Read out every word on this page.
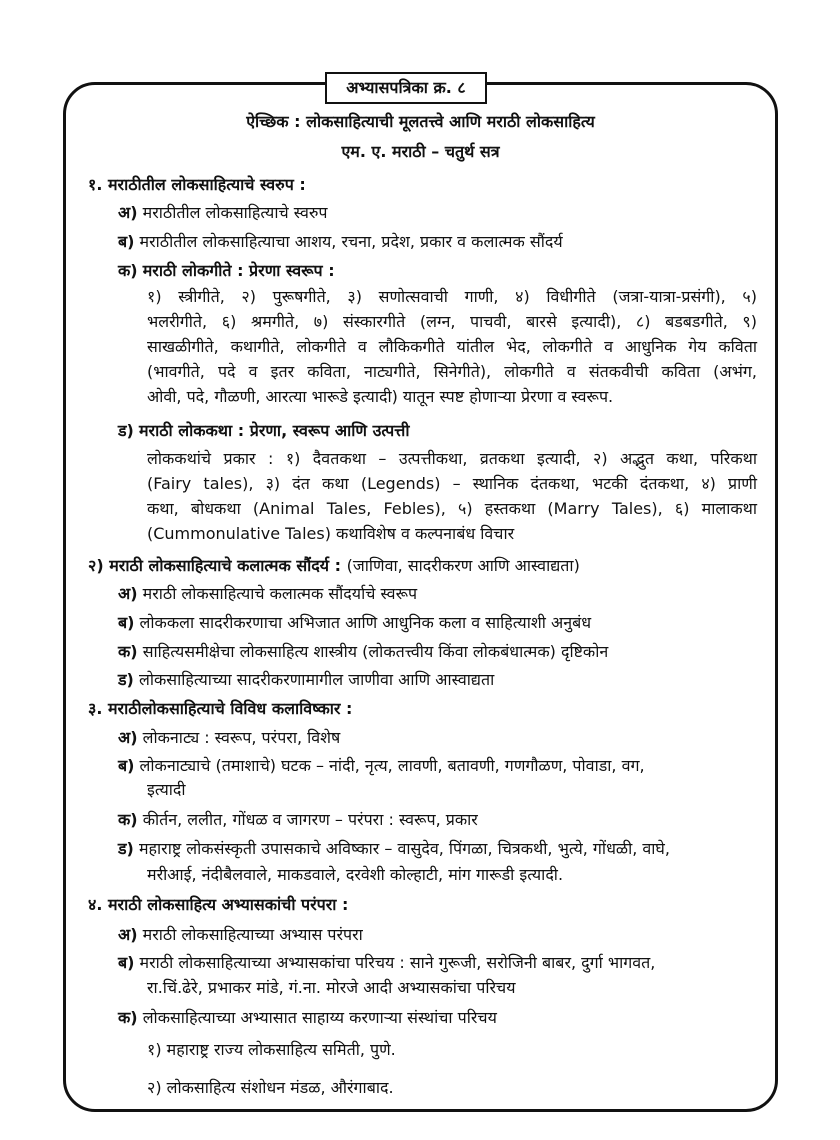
अभ्यासपत्रिका क्र. ८
ऐच्छिक : लोकसाहित्याची मूलतत्त्वे आणि मराठी लोकसाहित्य
एम. ए. मराठी – चतुर्थ सत्र
१. मराठीतील लोकसाहित्याचे स्वरुप :
अ) मराठीतील लोकसाहित्याचे स्वरुप
ब) मराठीतील लोकसाहित्याचा आशय, रचना, प्रदेश, प्रकार व कलात्मक सौंदर्य
क) मराठी लोकगीते : प्रेरणा स्वरूप :
१) स्त्रीगीते, २) पुरूषगीते, ३) सणोत्सवाची गाणी, ४) विधीगीते (जत्रा-यात्रा-प्रसंगी), ५)
भलरीगीते, ६) श्रमगीते, ७) संस्कारगीते (लग्न, पाचवी, बारसे इत्यादी), ८) बडबडगीते, ९)
साखळीगीते, कथागीते, लोकगीते व लौकिकगीते यांतील भेद, लोकगीते व आधुनिक गेय कविता
(भावगीते, पदे व इतर कविता, नाट्यगीते, सिनेगीते), लोकगीते व संतकवीची कविता (अभंग,
ओवी, पदे, गौळणी, आरत्या भारूडे इत्यादी) यातून स्पष्ट होणाऱ्या प्रेरणा व स्वरूप.
ड) मराठी लोककथा : प्रेरणा, स्वरूप आणि उत्पत्ती
लोककथांचे प्रकार : १) दैवतकथा – उत्पत्तीकथा, व्रतकथा इत्यादी, २) अद्भुत कथा, परिकथा
(Fairy tales), ३) दंत कथा (Legends) – स्थानिक दंतकथा, भटकी दंतकथा, ४) प्राणी
कथा, बोधकथा (Animal Tales, Febles), ५) हस्तकथा (Marry Tales), ६) मालाकथा
(Cummonulative Tales) कथाविशेष व कल्पनाबंध विचार
२) मराठी लोकसाहित्याचे कलात्मक सौंदर्य : (जाणिवा, सादरीकरण आणि आस्वाद्यता)
अ) मराठी लोकसाहित्याचे कलात्मक सौंदर्याचे स्वरूप
ब) लोककला सादरीकरणाचा अभिजात आणि आधुनिक कला व साहित्याशी अनुबंध
क) साहित्यसमीक्षेचा लोकसाहित्य शास्त्रीय (लोकतत्त्वीय किंवा लोकबंधात्मक) दृष्टिकोन
ड) लोकसाहित्याच्या सादरीकरणामागील जाणीवा आणि आस्वाद्यता
३. मराठीलोकसाहित्याचे विविध कलाविष्कार :
अ) लोकनाट्य : स्वरूप, परंपरा, विशेष
ब) लोकनाट्याचे (तमाशाचे) घटक – नांदी, नृत्य, लावणी, बतावणी, गणगौळण, पोवाडा, वग,
इत्यादी
क) कीर्तन, ललीत, गोंधळ व जागरण – परंपरा : स्वरूप, प्रकार
ड) महाराष्ट्र लोकसंस्कृती उपासकाचे अविष्कार – वासुदेव, पिंगळा, चित्रकथी, भुत्ये, गोंधळी, वाघे,
मरीआई, नंदीबैलवाले, माकडवाले, दरवेशी कोल्हाटी, मांग गारूडी इत्यादी.
४. मराठी लोकसाहित्य अभ्यासकांची परंपरा :
अ) मराठी लोकसाहित्याच्या अभ्यास परंपरा
ब) मराठी लोकसाहित्याच्या अभ्यासकांचा परिचय : साने गुरूजी, सरोजिनी बाबर, दुर्गा भागवत,
रा.चिं.ढेरे, प्रभाकर मांडे, गं.ना. मोरजे आदी अभ्यासकांचा परिचय
क) लोकसाहित्याच्या अभ्यासात साहाय्य करणाऱ्या संस्थांचा परिचय
१) महाराष्ट्र राज्य लोकसाहित्य समिती, पुणे.
२) लोकसाहित्य संशोधन मंडळ, औरंगाबाद.
